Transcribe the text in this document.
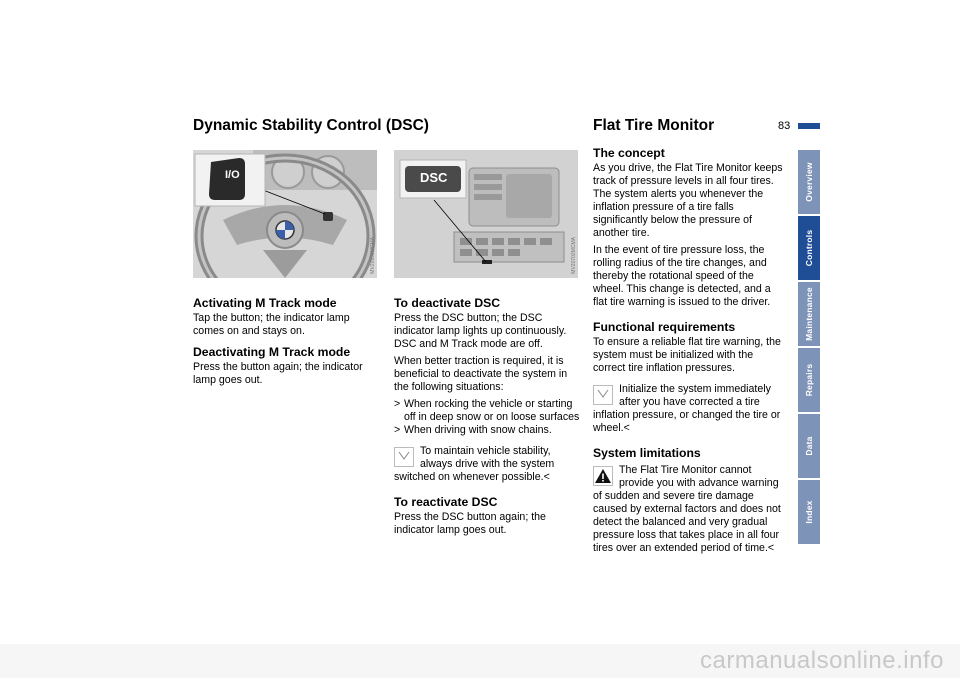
83
Dynamic Stability Control (DSC)	Flat Tire Monitor
I/O
MV20999MCMA
DSC
MV20702MCMA
Activating M Track mode

Tap the button; the indicator lamp comes on and stays on.

Deactivating M Track mode

Press the button again; the indicator lamp goes out.

To deactivate DSC

Press the DSC button; the DSC indicator lamp lights up continuously. DSC and M Track mode are off.

When better traction is required, it is beneficial to deactivate the system in the following situations:

> When rocking the vehicle or starting off in deep snow or on loose surfaces
> When driving with snow chains.
To maintain vehicle stability, always drive with the system switched on whenever possible.<
To reactivate DSC

Press the DSC button again; the indicator lamp goes out.

The concept

As you drive, the Flat Tire Monitor keeps track of pressure levels in all four tires. The system alerts you whenever the inflation pressure of a tire falls significantly below the pressure of another tire.

In the event of tire pressure loss, the rolling radius of the tire changes, and thereby the rotational speed of the wheel. This change is detected, and a flat tire warning is issued to the driver.

Functional requirements

To ensure a reliable flat tire warning, the system must be initialized with the correct tire inflation pressures.

Initialize the system immediately after you have corrected a tire inflation pressure, or changed the tire or wheel.<
System limitations
The Flat Tire Monitor cannot provide you with advance warning of sudden and severe tire damage caused by external factors and does not detect the balanced and very gradual pressure loss that takes place in all four tires over an extended period of time.<
Overview
Controls
Maintenance
Repairs
Data
Index
carmanualsonline.info
